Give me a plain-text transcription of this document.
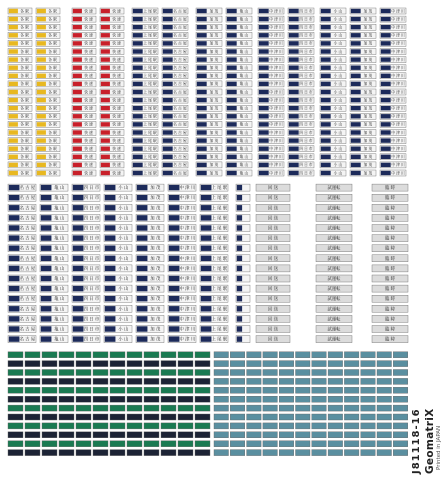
各 駅	各 駅	快 速	快 速	上 尾 駅	名 古 屋	加 茂	亀 山	中 津 川	四 日 市	小 山	加 茂	中 津 川
各 駅	各 駅	快 速	快 速	上 尾 駅	名 古 屋	加 茂	亀 山	中 津 川	四 日 市	小 山	加 茂	中 津 川
各 駅	各 駅	快 速	快 速	上 尾 駅	名 古 屋	加 茂	亀 山	中 津 川	四 日 市	小 山	加 茂	中 津 川
各 駅	各 駅	快 速	快 速	上 尾 駅	名 古 屋	加 茂	亀 山	中 津 川	四 日 市	小 山	加 茂	中 津 川
各 駅	各 駅	快 速	快 速	上 尾 駅	名 古 屋	加 茂	亀 山	中 津 川	四 日 市	小 山	加 茂	中 津 川
各 駅	各 駅	快 速	快 速	上 尾 駅	名 古 屋	加 茂	亀 山	中 津 川	四 日 市	小 山	加 茂	中 津 川
各 駅	各 駅	快 速	快 速	上 尾 駅	名 古 屋	加 茂	亀 山	中 津 川	四 日 市	小 山	加 茂	中 津 川
各 駅	各 駅	快 速	快 速	上 尾 駅	名 古 屋	加 茂	亀 山	中 津 川	四 日 市	小 山	加 茂	中 津 川
各 駅	各 駅	快 速	快 速	上 尾 駅	名 古 屋	加 茂	亀 山	中 津 川	四 日 市	小 山	加 茂	中 津 川
各 駅	各 駅	快 速	快 速	上 尾 駅	名 古 屋	加 茂	亀 山	中 津 川	四 日 市	小 山	加 茂	中 津 川
各 駅	各 駅	快 速	快 速	上 尾 駅	名 古 屋	加 茂	亀 山	中 津 川	四 日 市	小 山	加 茂	中 津 川
各 駅	各 駅	快 速	快 速	上 尾 駅	名 古 屋	加 茂	亀 山	中 津 川	四 日 市	小 山	加 茂	中 津 川
各 駅	各 駅	快 速	快 速	上 尾 駅	名 古 屋	加 茂	亀 山	中 津 川	四 日 市	小 山	加 茂	中 津 川
各 駅	各 駅	快 速	快 速	上 尾 駅	名 古 屋	加 茂	亀 山	中 津 川	四 日 市	小 山	加 茂	中 津 川
各 駅	各 駅	快 速	快 速	上 尾 駅	名 古 屋	加 茂	亀 山	中 津 川	四 日 市	小 山	加 茂	中 津 川
各 駅	各 駅	快 速	快 速	上 尾 駅	名 古 屋	加 茂	亀 山	中 津 川	四 日 市	小 山	加 茂	中 津 川
各 駅	各 駅	快 速	快 速	上 尾 駅	名 古 屋	加 茂	亀 山	中 津 川	四 日 市	小 山	加 茂	中 津 川
各 駅	各 駅	快 速	快 速	上 尾 駅	名 古 屋	加 茂	亀 山	中 津 川	四 日 市	小 山	加 茂	中 津 川
各 駅	各 駅	快 速	快 速	上 尾 駅	名 古 屋	加 茂	亀 山	中 津 川	四 日 市	小 山	加 茂	中 津 川
各 駅	各 駅	快 速	快 速	上 尾 駅	名 古 屋	加 茂	亀 山	中 津 川	四 日 市	小 山	加 茂	中 津 川
各 駅	各 駅	快 速	快 速	上 尾 駅	名 古 屋	加 茂	亀 山	中 津 川	四 日 市	小 山	加 茂	中 津 川
名 古 屋	亀 山	四 日 市	小 山	加 茂	中 津 川	上 尾 駅	回 送	試運転	臨 時
名 古 屋	亀 山	四 日 市	小 山	加 茂	中 津 川	上 尾 駅	回 送	試運転	臨 時
名 古 屋	亀 山	四 日 市	小 山	加 茂	中 津 川	上 尾 駅	回 送	試運転	臨 時
名 古 屋	亀 山	四 日 市	小 山	加 茂	中 津 川	上 尾 駅	回 送	試運転	臨 時
名 古 屋	亀 山	四 日 市	小 山	加 茂	中 津 川	上 尾 駅	回 送	試運転	臨 時
名 古 屋	亀 山	四 日 市	小 山	加 茂	中 津 川	上 尾 駅	回 送	試運転	臨 時
名 古 屋	亀 山	四 日 市	小 山	加 茂	中 津 川	上 尾 駅	回 送	試運転	臨 時
名 古 屋	亀 山	四 日 市	小 山	加 茂	中 津 川	上 尾 駅	回 送	試運転	臨 時
名 古 屋	亀 山	四 日 市	小 山	加 茂	中 津 川	上 尾 駅	回 送	試運転	臨 時
名 古 屋	亀 山	四 日 市	小 山	加 茂	中 津 川	上 尾 駅	回 送	試運転	臨 時
名 古 屋	亀 山	四 日 市	小 山	加 茂	中 津 川	上 尾 駅	回 送	試運転	臨 時
名 古 屋	亀 山	四 日 市	小 山	加 茂	中 津 川	上 尾 駅	回 送	試運転	臨 時
名 古 屋	亀 山	四 日 市	小 山	加 茂	中 津 川	上 尾 駅	回 送	試運転	臨 時
名 古 屋	亀 山	四 日 市	小 山	加 茂	中 津 川	上 尾 駅	回 送	試運転	臨 時
名 古 屋	亀 山	四 日 市	小 山	加 茂	中 津 川	上 尾 駅	回 送	試運転	臨 時
名 古 屋	亀 山	四 日 市	小 山	加 茂	中 津 川	上 尾 駅	回 送	試運転	臨 時
GeomatriX
J81118-16	Printed in JAPAN
